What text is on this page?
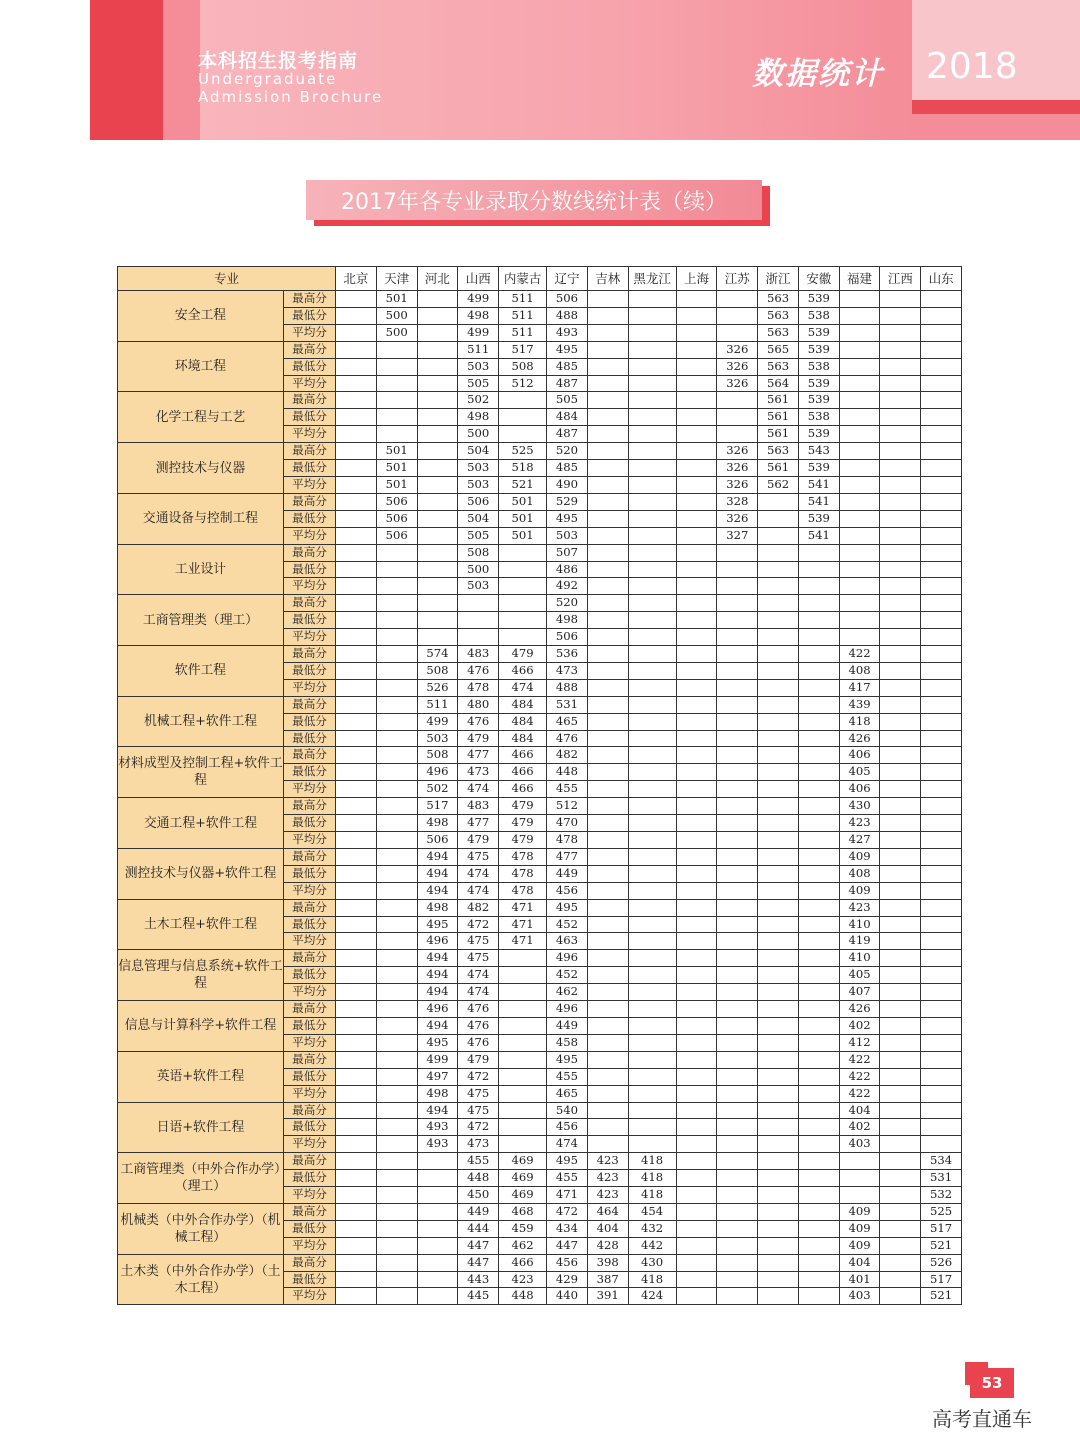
本科招生报考指南
Undergraduate
Admission Brochure
数据统计 2018
2017年各专业录取分数线统计表（续）
专业		北京	天津	河北	山西	内蒙古	辽宁	吉林	黑龙江	上海	江苏	浙江	安徽	福建	江西	山东
安全工程	最高分		501		499	511	506					563	539			
	最低分		500		498	511	488					563	538			
	平均分		500		499	511	493					563	539			
环境工程	最高分				511	517	495				326	565	539			
	最低分				503	508	485				326	563	538			
	平均分				505	512	487				326	564	539			
化学工程与工艺	最高分				502		505					561	539			
	最低分				498		484					561	538			
	平均分				500		487					561	539			
测控技术与仪器	最高分		501		504	525	520				326	563	543			
	最低分		501		503	518	485				326	561	539			
	平均分		501		503	521	490				326	562	541			
交通设备与控制工程	最高分		506		506	501	529				328		541			
	最低分		506		504	501	495				326		539			
	平均分		506		505	501	503				327		541			
工业设计	最高分				508		507									
	最低分				500		486									
	平均分				503		492									
工商管理类（理工）	最高分						520									
	最低分						498									
	平均分						506									
软件工程	最高分			574	483	479	536							422		
	最低分			508	476	466	473							408		
	平均分			526	478	474	488							417		
机械工程+软件工程	最高分			511	480	484	531							439		
	最低分			499	476	484	465							418		
	最低分			503	479	484	476							426		
材料成型及控制工程+软件工程	最高分			508	477	466	482							406		
	最低分			496	473	466	448							405		
	平均分			502	474	466	455							406		
交通工程+软件工程	最高分			517	483	479	512							430		
	最低分			498	477	479	470							423		
	平均分			506	479	479	478							427		
测控技术与仪器+软件工程	最高分			494	475	478	477							409		
	最低分			494	474	478	449							408		
	平均分			494	474	478	456							409		
土木工程+软件工程	最高分			498	482	471	495							423		
	最低分			495	472	471	452							410		
	平均分			496	475	471	463							419		
信息管理与信息系统+软件工程	最高分			494	475		496							410		
	最低分			494	474		452							405		
	平均分			494	474		462							407		
信息与计算科学+软件工程	最高分			496	476		496							426		
	最低分			494	476		449							402		
	平均分			495	476		458							412		
英语+软件工程	最高分			499	479		495							422		
	最低分			497	472		455							422		
	平均分			498	475		465							422		
日语+软件工程	最高分			494	475		540							404		
	最低分			493	472		456							402		
	平均分			493	473		474							403		
工商管理类（中外合作办学）（理工）	最高分				455	469	495	423	418							534
	最低分				448	469	455	423	418							531
	平均分				450	469	471	423	418							532
机械类（中外合作办学）（机械工程）	最高分				449	468	472	464	454					409		525
	最低分				444	459	434	404	432					409		517
	平均分				447	462	447	428	442					409		521
土木类（中外合作办学）（土木工程）	最高分				447	466	456	398	430					404		526
	最低分				443	423	429	387	418					401		517
	平均分				445	448	440	391	424					403		521
53
高考直通车
